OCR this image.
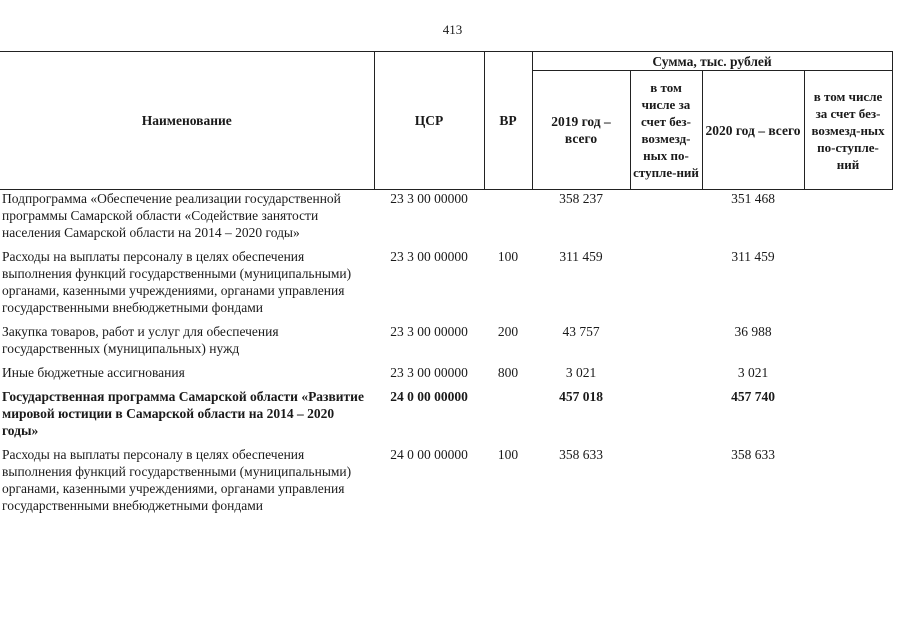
413
Наименование	ЦСР	ВР	Сумма, тыс. рублей			
			2019 год – всего	в том числе за счет без-возмезд-ных по-ступле-ний	2020 год – всего	в том числе за счет без-возмезд-ных по-ступле-ний
Подпрограмма «Обеспечение реализации государственной программы Самарской области «Содействие занятости населения Самарской области на 2014 – 2020 годы»	23 3 00 00000		358 237		351 468	
Расходы на выплаты персоналу в целях обеспечения выполнения функций государственными (муниципальными) органами, казенными учреждениями, органами управления государственными внебюджетными фондами	23 3 00 00000	100	311 459		311 459	
Закупка товаров, работ и услуг для обеспечения государственных (муниципальных) нужд	23 3 00 00000	200	43 757		36 988	
Иные бюджетные ассигнования	23 3 00 00000	800	3 021		3 021	
Государственная программа Самарской области «Развитие мировой юстиции в Самарской области на 2014 – 2020 годы»	24 0 00 00000		457 018		457 740	
Расходы на выплаты персоналу в целях обеспечения выполнения функций государственными (муниципальными) органами, казенными учреждениями, органами управления государственными внебюджетными фондами	24 0 00 00000	100	358 633		358 633	
